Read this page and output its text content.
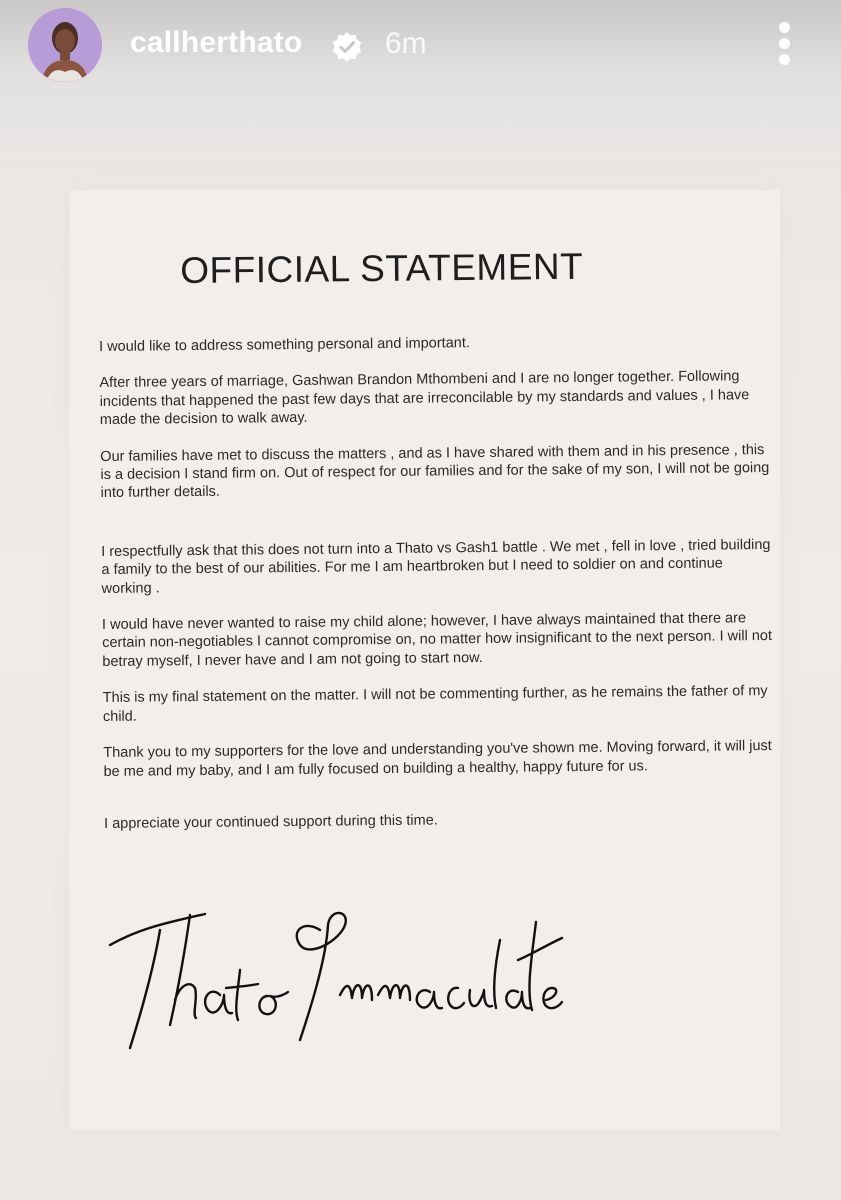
callherthato	6m
OFFICIAL STATEMENT

I would like to address something personal and important.

After three years of marriage, Gashwan Brandon Mthombeni and I are no longer together. Following incidents that happened the past few days that are irreconcilable by my standards and values , I have made the decision to walk away.

Our families have met to discuss the matters , and as I have shared with them and in his presence , this is a decision I stand firm on. Out of respect for our families and for the sake of my son, I will not be going into further details.

I respectfully ask that this does not turn into a Thato vs Gash1 battle . We met , fell in love , tried building a family to the best of our abilities. For me I am heartbroken but I need to soldier on and continue working .

I would have never wanted to raise my child alone; however, I have always maintained that there are certain non-negotiables I cannot compromise on, no matter how insignificant to the next person. I will not betray myself, I never have and I am not going to start now.

This is my final statement on the matter. I will not be commenting further, as he remains the father of my child.

Thank you to my supporters for the love and understanding you've shown me. Moving forward, it will just be me and my baby, and I am fully focused on building a healthy, happy future for us.

I appreciate your continued support during this time.
